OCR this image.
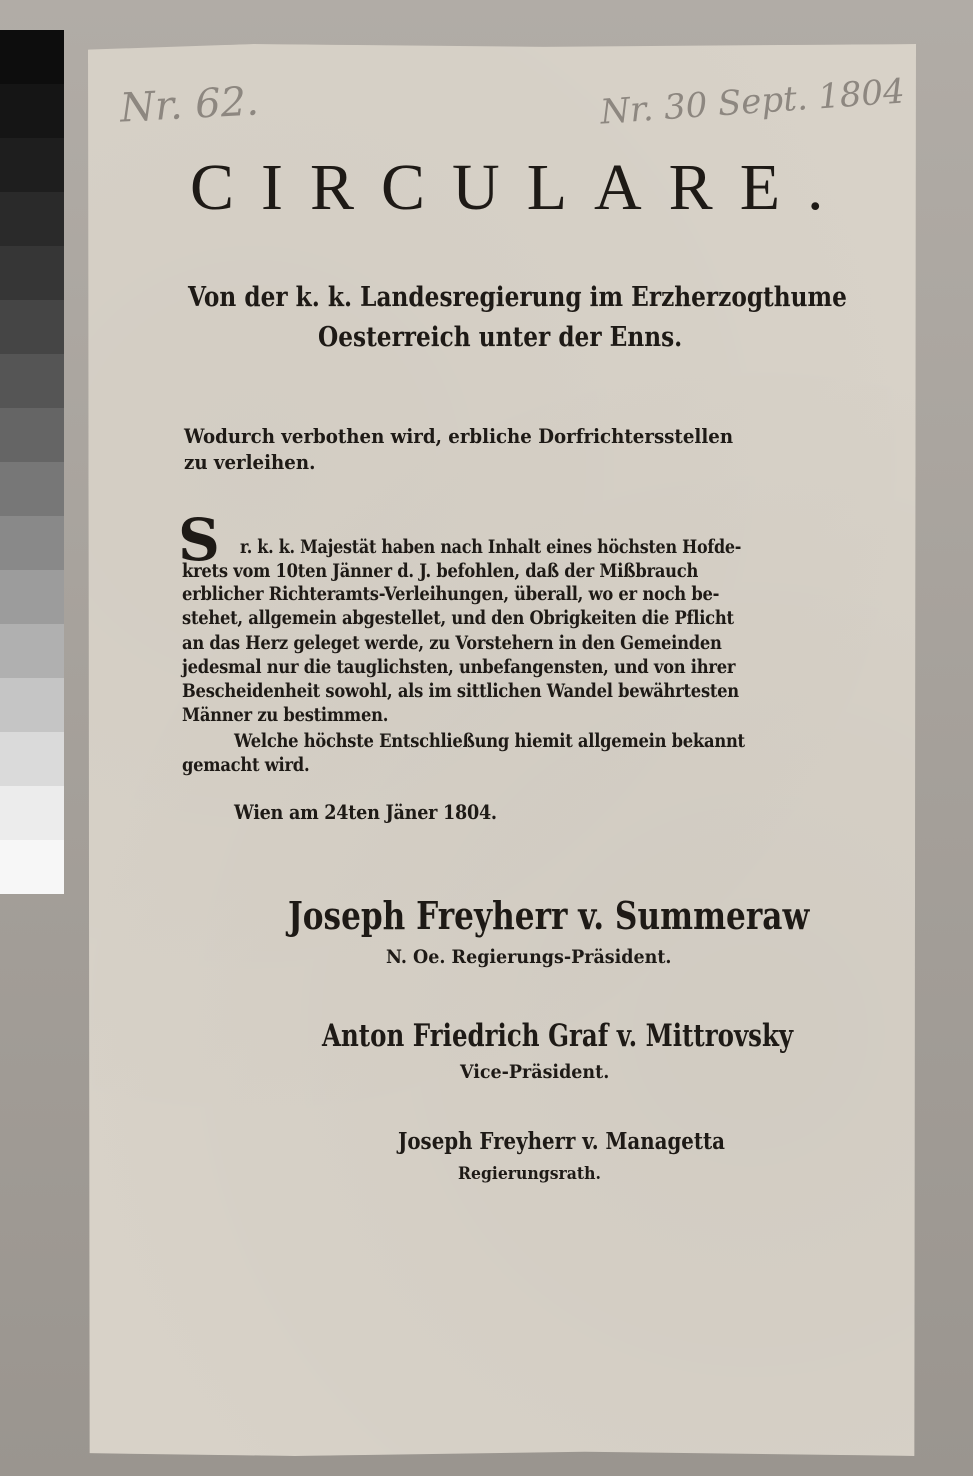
Nr. 62.	Nr. 30 Sept. 1804
CIRCULARE.
Von der k. k. Landesregierung im Erzherzogthume
Oesterreich unter der Enns.
Wodurch verbothen wird, erbliche Dorfrichtersstellen
zu verleihen.
S r. k. k. Majestät haben nach Inhalt eines höchsten Hofde-
krets vom 10ten Jänner d. J. befohlen, daß der Mißbrauch
erblicher Richteramts-Verleihungen, überall, wo er noch be-
stehet, allgemein abgestellet, und den Obrigkeiten die Pflicht
an das Herz geleget werde, zu Vorstehern in den Gemeinden
jedesmal nur die tauglichsten, unbefangensten, und von ihrer
Bescheidenheit sowohl, als im sittlichen Wandel bewährtesten
Männer zu bestimmen.
Welche höchste Entschließung hiemit allgemein bekannt
gemacht wird.
Wien am 24ten Jäner 1804.
Joseph Freyherr v. Summeraw
N. Oe. Regierungs-Präsident.
Anton Friedrich Graf v. Mittrovsky
Vice-Präsident.
Joseph Freyherr v. Managetta
Regierungsrath.
